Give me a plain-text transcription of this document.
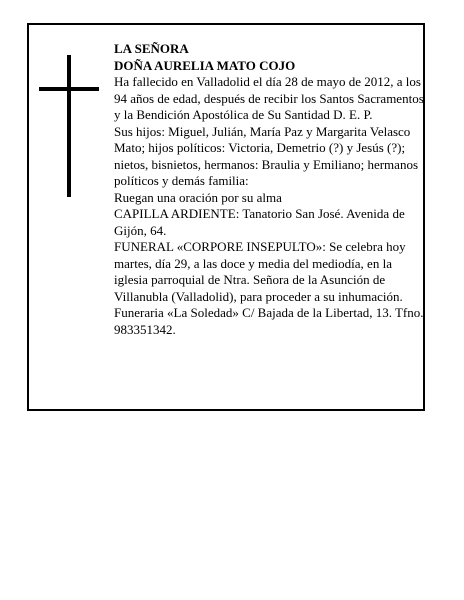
LA SEÑORA

DOÑA AURELIA MATO COJO

Ha fallecido en Valladolid el día 28 de mayo de 2012, a los 94 años de edad, después de recibir los Santos Sacramentos y la Bendición Apostólica de Su Santidad D. E. P.

Sus hijos: Miguel, Julián, María Paz y Margarita Velasco Mato; hijos políticos: Victoria, Demetrio (?) y Jesús (?); nietos, bisnietos, hermanos: Braulia y Emiliano; hermanos políticos y demás familia:

Ruegan una oración por su alma

CAPILLA ARDIENTE: Tanatorio San José. Avenida de Gijón, 64.

FUNERAL «CORPORE INSEPULTO»: Se celebra hoy martes, día 29, a las doce y media del mediodía, en la iglesia parroquial de Ntra. Señora de la Asunción de Villanubla (Valladolid), para proceder a su inhumación.

Funeraria «La Soledad» C/ Bajada de la Libertad, 13. Tfno. 983351342.
